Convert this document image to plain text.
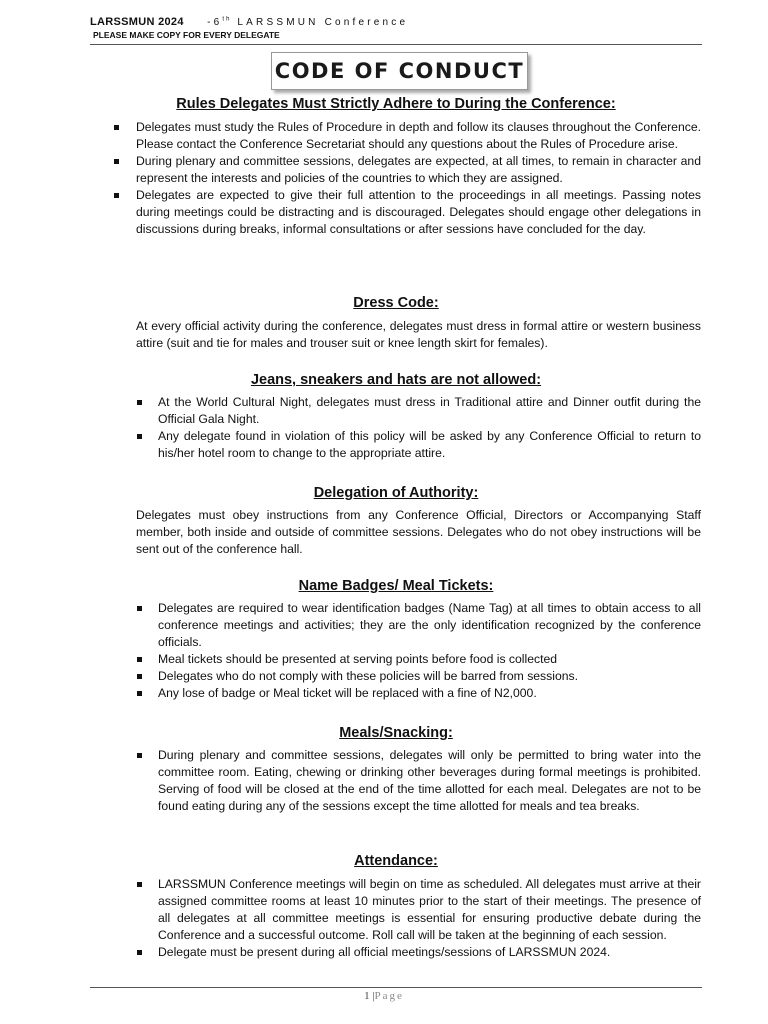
LARSSMUN 2024 -6th LARSSMUN Conference
PLEASE MAKE COPY FOR EVERY DELEGATE
CODE OF CONDUCT
Rules Delegates Must Strictly Adhere to During the Conference:
Delegates must study the Rules of Procedure in depth and follow its clauses throughout the Conference. Please contact the Conference Secretariat should any questions about the Rules of Procedure arise.
During plenary and committee sessions, delegates are expected, at all times, to remain in character and represent the interests and policies of the countries to which they are assigned.
Delegates are expected to give their full attention to the proceedings in all meetings. Passing notes during meetings could be distracting and is discouraged. Delegates should engage other delegations in discussions during breaks, informal consultations or after sessions have concluded for the day.
Dress Code:
At every official activity during the conference, delegates must dress in formal attire or western business attire (suit and tie for males and trouser suit or knee length skirt for females).
Jeans, sneakers and hats are not allowed:
At the World Cultural Night, delegates must dress in Traditional attire and Dinner outfit during the Official Gala Night.
Any delegate found in violation of this policy will be asked by any Conference Official to return to his/her hotel room to change to the appropriate attire.
Delegation of Authority:
Delegates must obey instructions from any Conference Official, Directors or Accompanying Staff member, both inside and outside of committee sessions. Delegates who do not obey instructions will be sent out of the conference hall.
Name Badges/ Meal Tickets:
Delegates are required to wear identification badges (Name Tag) at all times to obtain access to all conference meetings and activities; they are the only identification recognized by the conference officials.
Meal tickets should be presented at serving points before food is collected
Delegates who do not comply with these policies will be barred from sessions.
Any lose of badge or Meal ticket will be replaced with a fine of N2,000.
Meals/Snacking:
During plenary and committee sessions, delegates will only be permitted to bring water into the committee room. Eating, chewing or drinking other beverages during formal meetings is prohibited. Serving of food will be closed at the end of the time allotted for each meal. Delegates are not to be found eating during any of the sessions except the time allotted for meals and tea breaks.
Attendance:
LARSSMUN Conference meetings will begin on time as scheduled. All delegates must arrive at their assigned committee rooms at least 10 minutes prior to the start of their meetings. The presence of all delegates at all committee meetings is essential for ensuring productive debate during the Conference and a successful outcome. Roll call will be taken at the beginning of each session.
Delegate must be present during all official meetings/sessions of LARSSMUN 2024.
1 |Page
